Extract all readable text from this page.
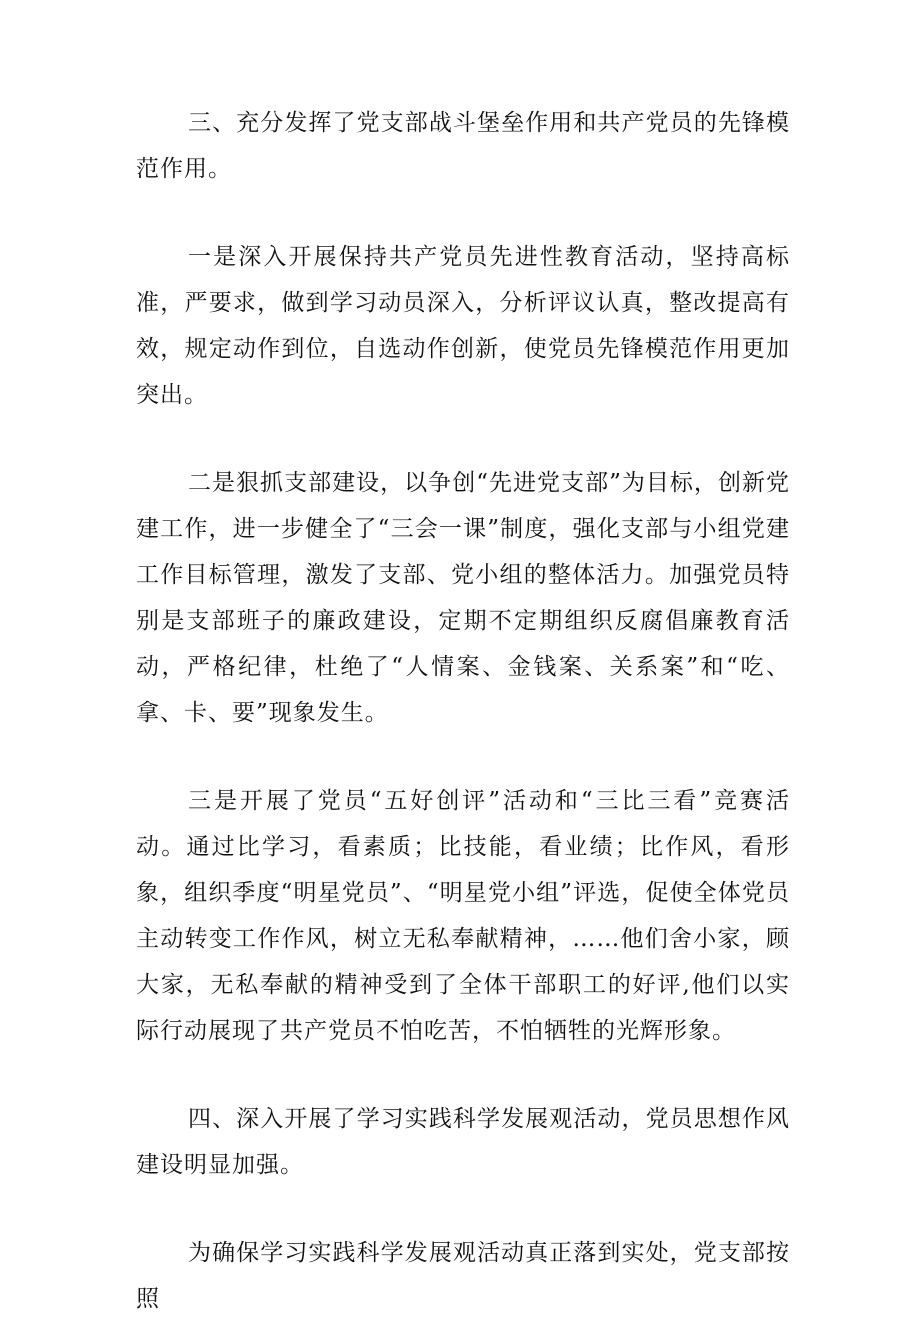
三、充分发挥了党支部战斗堡垒作用和共产党员的先锋模范作用。

一是深入开展保持共产党员先进性教育活动，坚持高标准，严要求，做到学习动员深入，分析评议认真，整改提高有效，规定动作到位，自选动作创新，使党员先锋模范作用更加突出。

二是狠抓支部建设，以争创“先进党支部”为目标，创新党建工作，进一步健全了“三会一课”制度，强化支部与小组党建工作目标管理，激发了支部、党小组的整体活力。加强党员特别是支部班子的廉政建设，定期不定期组织反腐倡廉教育活动，严格纪律，杜绝了“人情案、金钱案、关系案”和“吃、拿、卡、要”现象发生。

三是开展了党员“五好创评”活动和“三比三看”竞赛活动。通过比学习，看素质；比技能，看业绩；比作风，看形象，组织季度“明星党员”、“明星党小组”评选，促使全体党员主动转变工作作风，树立无私奉献精神，……他们舍小家，顾大家，无私奉献的精神受到了全体干部职工的好评,他们以实际行动展现了共产党员不怕吃苦，不怕牺牲的光辉形象。

四、深入开展了学习实践科学发展观活动，党员思想作风建设明显加强。

为确保学习实践科学发展观活动真正落到实处，党支部按照
